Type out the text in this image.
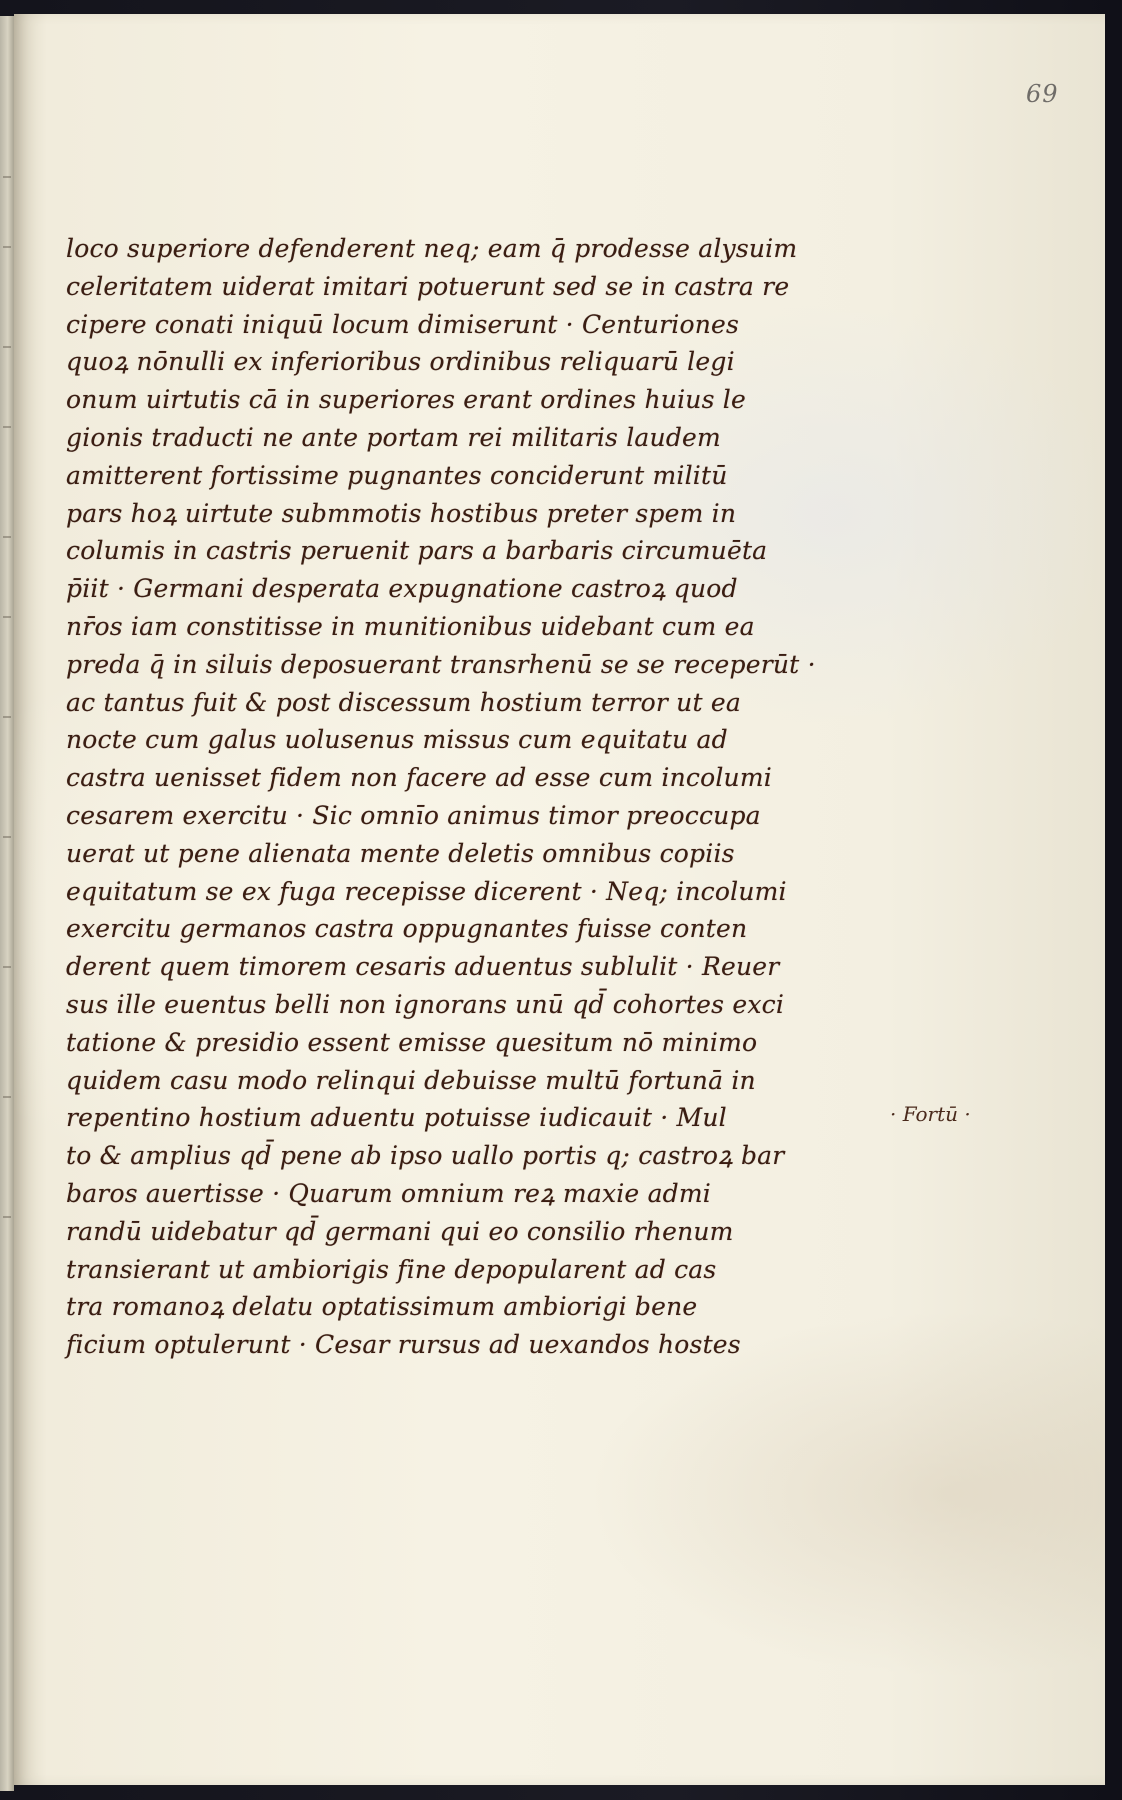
69
loco superiore defenderent neq; eam q̄ prodesse alysuim
celeritatem uiderat imitari potuerunt sed se in castra re
cipere conati iniquū locum dimiserunt · Centuriones
quoꝝ nōnulli ex inferioribus ordinibus reliquarū legi
onum uirtutis cā in superiores erant ordines huius le
gionis traducti ne ante portam rei militaris laudem
amitterent fortissime pugnantes conciderunt militū
pars hoꝝ uirtute submmotis hostibus preter spem in
columis in castris peruenit pars a barbaris circumuēta
p̄iit · Germani desperata expugnatione castroꝝ quod
nr̄os iam constitisse in munitionibus uidebant cum ea
preda q̄ in siluis deposuerant transrhenū se se receperūt ·
ac tantus fuit & post discessum hostium terror ut ea
nocte cum galus uolusenus missus cum equitatu ad
castra uenisset fidem non facere ad esse cum incolumi
cesarem exercitu · Sic omnīo animus timor preoccupa
uerat ut pene alienata mente deletis omnibus copiis
equitatum se ex fuga recepisse dicerent · Neq; incolumi
exercitu germanos castra oppugnantes fuisse conten
derent quem timorem cesaris aduentus sublulit · Reuer
sus ille euentus belli non ignorans unū qd̄ cohortes exci
tatione & presidio essent emisse quesitum nō minimo
quidem casu modo relinqui debuisse multū fortunā in
repentino hostium aduentu potuisse iudicauit · Mul
to & amplius qd̄ pene ab ipso uallo portis q; castroꝝ bar
baros auertisse · Quarum omnium reꝝ maxie admi
randū uidebatur qd̄ germani qui eo consilio rhenum
transierant ut ambiorigis fine depopularent ad cas
tra romanoꝝ delatu optatissimum ambiorigi bene
ficium optulerunt · Cesar rursus ad uexandos hostes
· Fortū ·
